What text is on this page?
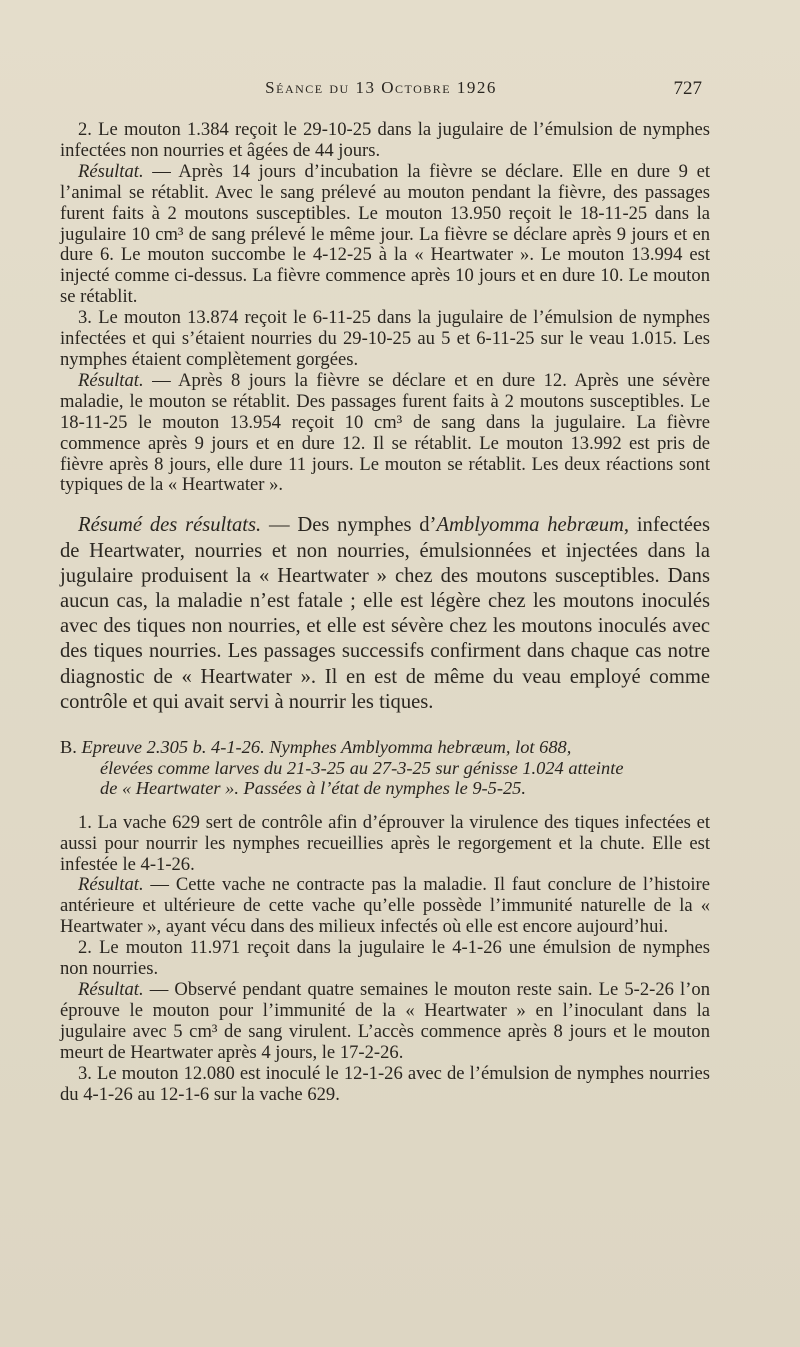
Séance du 13 Octobre 1926	727

2. Le mouton 1.384 reçoit le 29-10-25 dans la jugulaire de l’émulsion de nymphes infectées non nourries et âgées de 44 jours.

Résultat. — Après 14 jours d’incubation la fièvre se déclare. Elle en dure 9 et l’animal se rétablit. Avec le sang prélevé au mouton pendant la fièvre, des passages furent faits à 2 moutons susceptibles. Le mouton 13.950 reçoit le 18-11-25 dans la jugulaire 10 cm³ de sang prélevé le même jour. La fièvre se déclare après 9 jours et en dure 6. Le mouton succombe le 4-12-25 à la « Heartwater ». Le mouton 13.994 est injecté comme ci-dessus. La fièvre commence après 10 jours et en dure 10. Le mouton se rétablit.

3. Le mouton 13.874 reçoit le 6-11-25 dans la jugulaire de l’émulsion de nymphes infectées et qui s’étaient nourries du 29-10-25 au 5 et 6-11-25 sur le veau 1.015. Les nymphes étaient complètement gorgées.

Résultat. — Après 8 jours la fièvre se déclare et en dure 12. Après une sévère maladie, le mouton se rétablit. Des passages furent faits à 2 moutons susceptibles. Le 18-11-25 le mouton 13.954 reçoit 10 cm³ de sang dans la jugulaire. La fièvre commence après 9 jours et en dure 12. Il se rétablit. Le mouton 13.992 est pris de fièvre après 8 jours, elle dure 11 jours. Le mouton se rétablit. Les deux réactions sont typiques de la « Heartwater ».

Résumé des résultats. — Des nymphes d’Amblyomma hebræum, infectées de Heartwater, nourries et non nourries, émulsionnées et injectées dans la jugulaire produisent la « Heartwater » chez des moutons susceptibles. Dans aucun cas, la maladie n’est fatale ; elle est légère chez les moutons inoculés avec des tiques non nourries, et elle est sévère chez les moutons inoculés avec des tiques nourries. Les passages successifs confirment dans chaque cas notre diagnostic de « Heartwater ». Il en est de même du veau employé comme contrôle et qui avait servi à nourrir les tiques.

B. Epreuve 2.305 b. 4-1-26. Nymphes Amblyomma hebræum, lot 688,
élevées comme larves du 21-3-25 au 27-3-25 sur génisse 1.024 atteinte
de « Heartwater ». Passées à l’état de nymphes le 9-5-25.

1. La vache 629 sert de contrôle afin d’éprouver la virulence des tiques infectées et aussi pour nourrir les nymphes recueillies après le regorgement et la chute. Elle est infestée le 4-1-26.

Résultat. — Cette vache ne contracte pas la maladie. Il faut conclure de l’histoire antérieure et ultérieure de cette vache qu’elle possède l’immunité naturelle de la « Heartwater », ayant vécu dans des milieux infectés où elle est encore aujourd’hui.

2. Le mouton 11.971 reçoit dans la jugulaire le 4-1-26 une émulsion de nymphes non nourries.

Résultat. — Observé pendant quatre semaines le mouton reste sain. Le 5-2-26 l’on éprouve le mouton pour l’immunité de la « Heartwater » en l’inoculant dans la jugulaire avec 5 cm³ de sang virulent. L’accès commence après 8 jours et le mouton meurt de Heartwater après 4 jours, le 17-2-26.

3. Le mouton 12.080 est inoculé le 12-1-26 avec de l’émulsion de nymphes nourries du 4-1-26 au 12-1-6 sur la vache 629.
